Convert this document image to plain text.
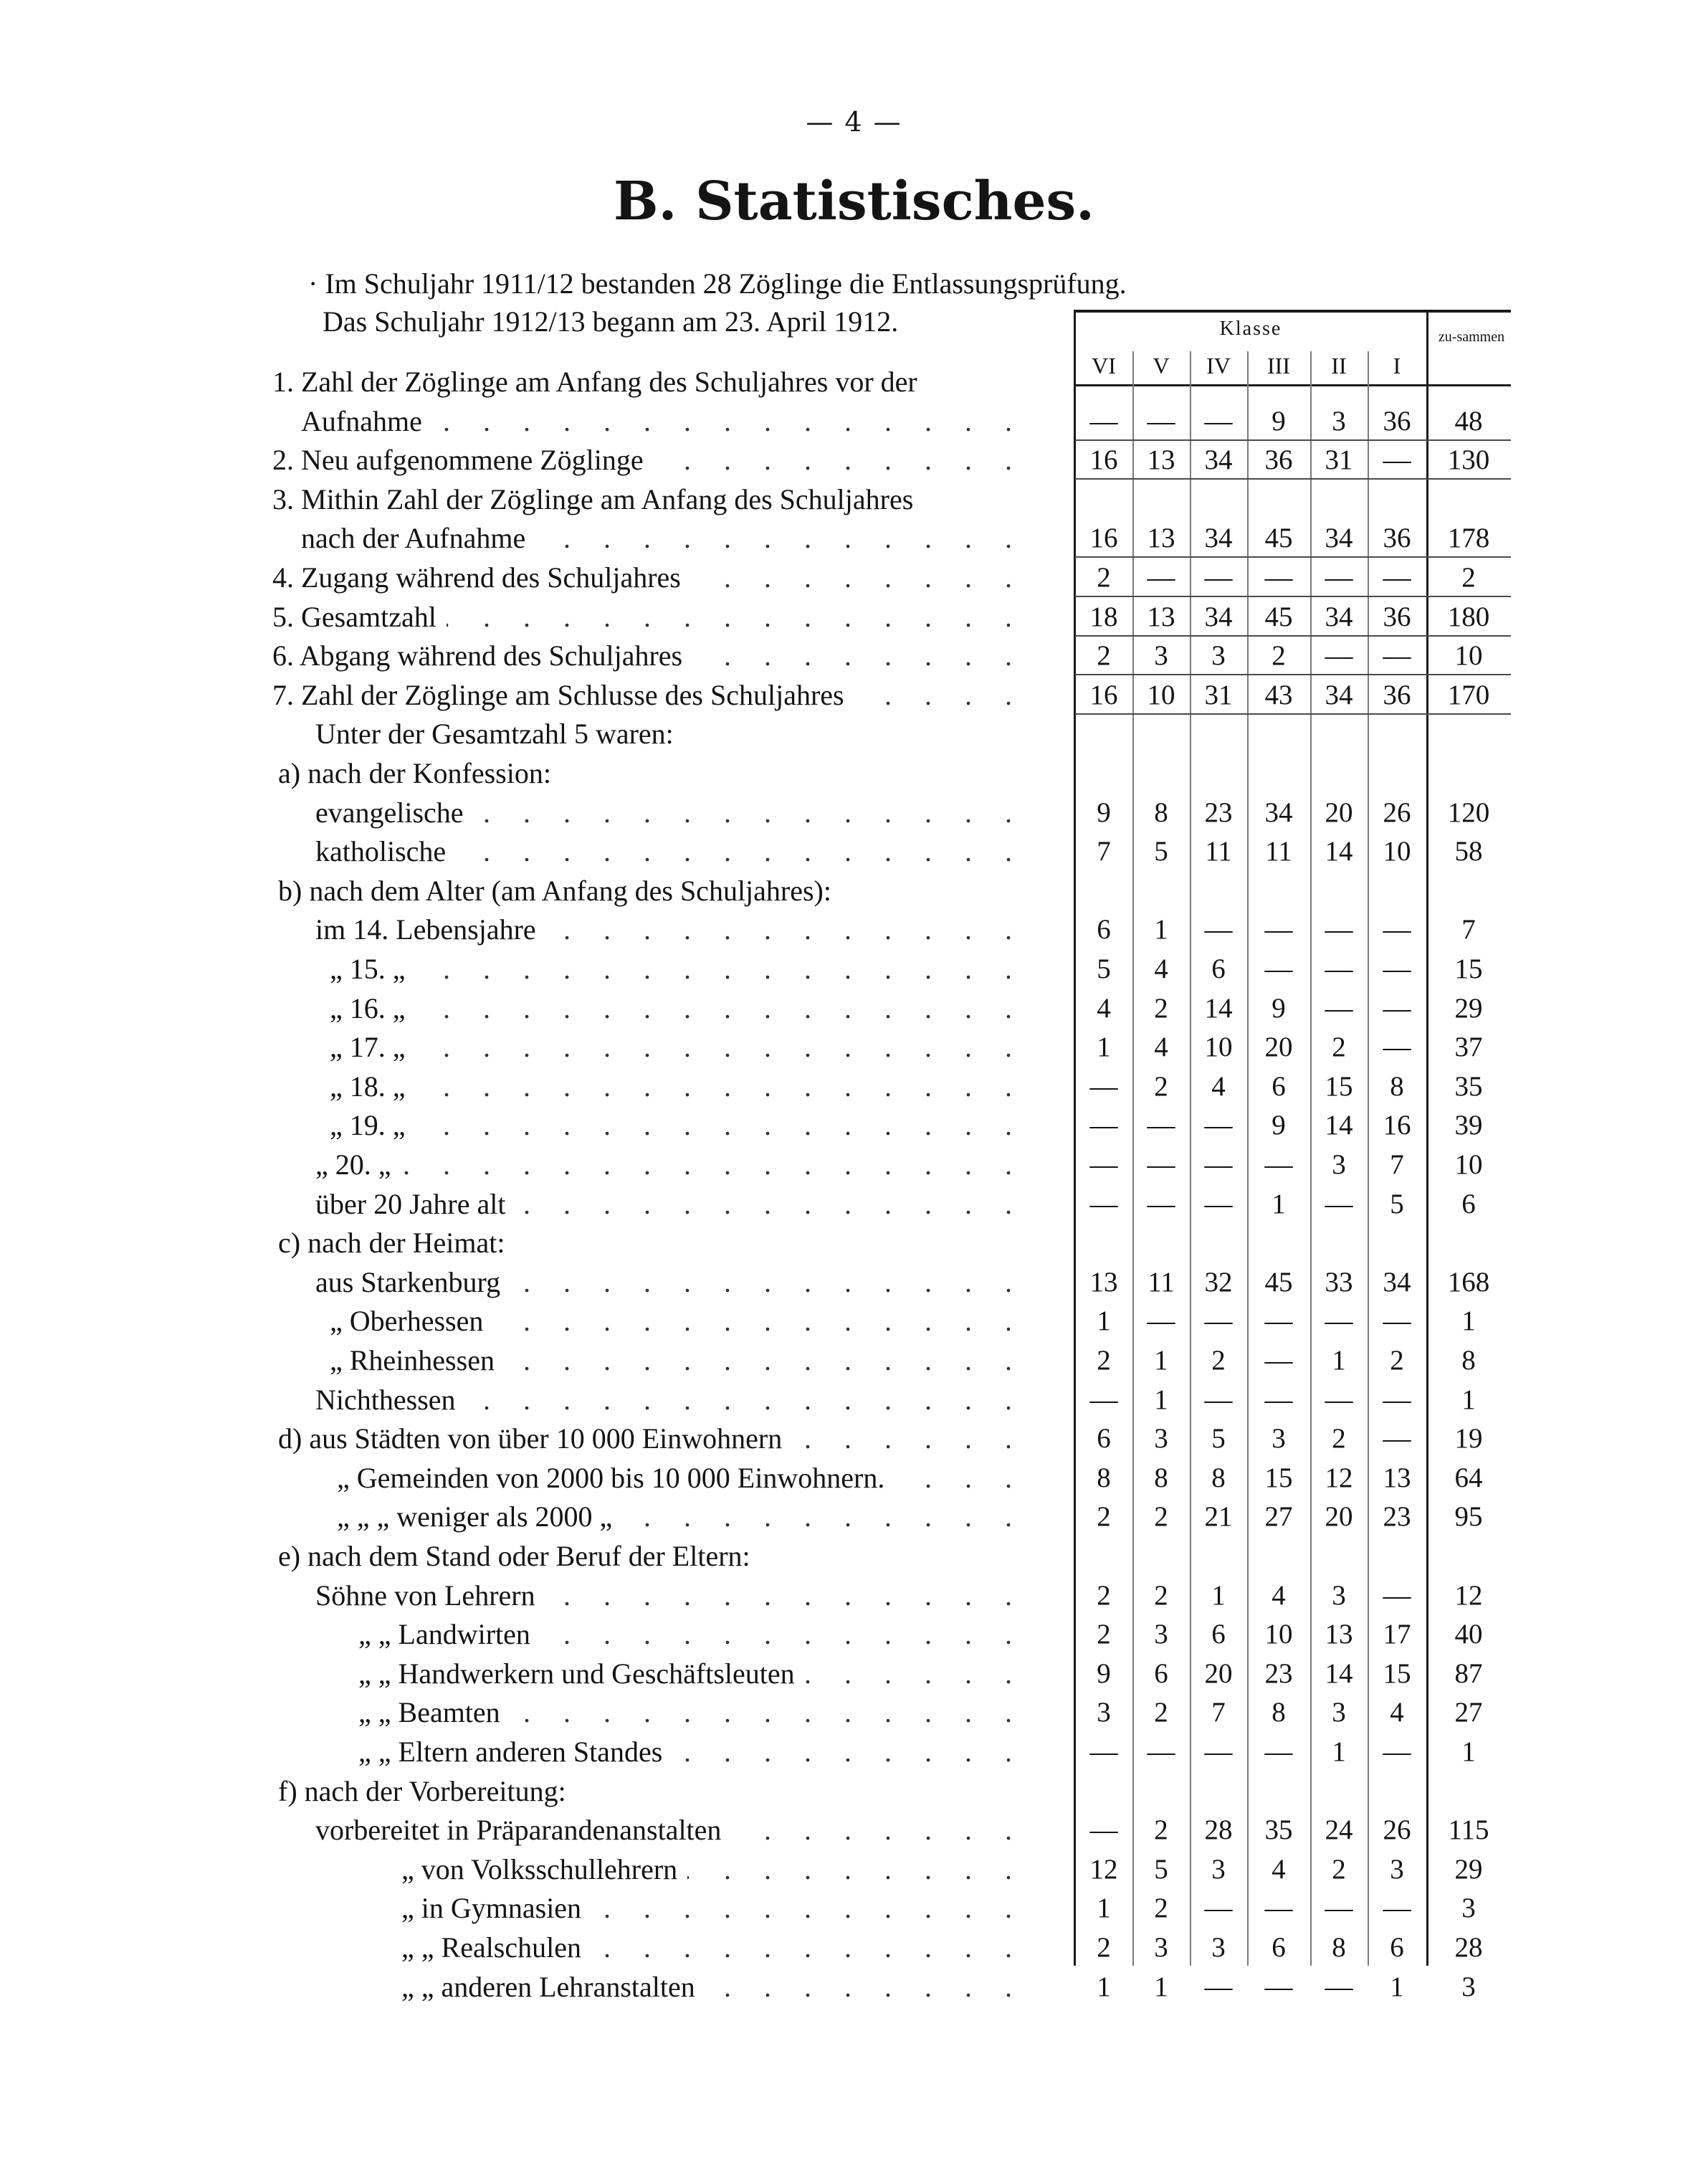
— 4 —
B. Statistisches.
· Im Schuljahr 1911/12 bestanden 28 Zöglinge die Entlassungsprüfung.
Das Schuljahr 1912/13 begann am 23. April 1912.	Klasse	zu-sammen
VI	V	IV	III	II	I
1. Zahl der Zöglinge am Anfang des Schuljahres vor der
Aufnahme . . .	—	—	—	9	3	36	48
2. Neu aufgenommene Zöglinge . . .	16	13	34	36	31	—	130
3. Mithin Zahl der Zöglinge am Anfang des Schuljahres
nach der Aufnahme . . .	16	13	34	45	34	36	178
4. Zugang während des Schuljahres . . .	2	—	—	—	—	—	2
5. Gesamtzahl . . .	18	13	34	45	34	36	180
6. Abgang während des Schuljahres . . .	2	3	3	2	—	—	10
7. Zahl der Zöglinge am Schlusse des Schuljahres . . .	16	10	31	43	34	36	170
Unter der Gesamtzahl 5 waren:
a) nach der Konfession:
evangelische . . .	9	8	23	34	20	26	120
katholische . . .	7	5	11	11	14	10	58
b) nach dem Alter (am Anfang des Schuljahres):
im 14. Lebensjahre . . .	6	1	—	—	—	—	7
„ 15. „ . . .	5	4	6	—	—	—	15
„ 16. „ . . .	4	2	14	9	—	—	29
„ 17. „ . . .	1	4	10	20	2	—	37
„ 18. „ . . .	—	2	4	6	15	8	35
„ 19. „ . . .	—	—	—	9	14	16	39
„ 20. „ . . .	—	—	—	—	3	7	10
über 20 Jahre alt . . .	—	—	—	1	—	5	6
c) nach der Heimat:
aus Starkenburg . . .	13	11	32	45	33	34	168
„ Oberhessen . . .	1	—	—	—	—	—	1
„ Rheinhessen . . .	2	1	2	—	1	2	8
Nichthessen . . .	—	1	—	—	—	—	1
d) aus Städten von über 10 000 Einwohnern . . .	6	3	5	3	2	—	19
„ Gemeinden von 2000 bis 10 000 Einwohnern. . . .	8	8	8	15	12	13	64
„ „ „ weniger als 2000 „ . . .	2	2	21	27	20	23	95
e) nach dem Stand oder Beruf der Eltern:
Söhne von Lehrern . . .	2	2	1	4	3	—	12
„ „ Landwirten . . .	2	3	6	10	13	17	40
„ „ Handwerkern und Geschäftsleuten . . .	9	6	20	23	14	15	87
„ „ Beamten . . .	3	2	7	8	3	4	27
„ „ Eltern anderen Standes . . .	—	—	—	—	1	—	1
f) nach der Vorbereitung:
vorbereitet in Präparandenanstalten . . .	—	2	28	35	24	26	115
„ von Volksschullehrern . . .	12	5	3	4	2	3	29
„ in Gymnasien . . .	1	2	—	—	—	—	3
„ „ Realschulen . . .	2	3	3	6	8	6	28
„ „ anderen Lehranstalten . . .	1	1	—	—	—	1	3
